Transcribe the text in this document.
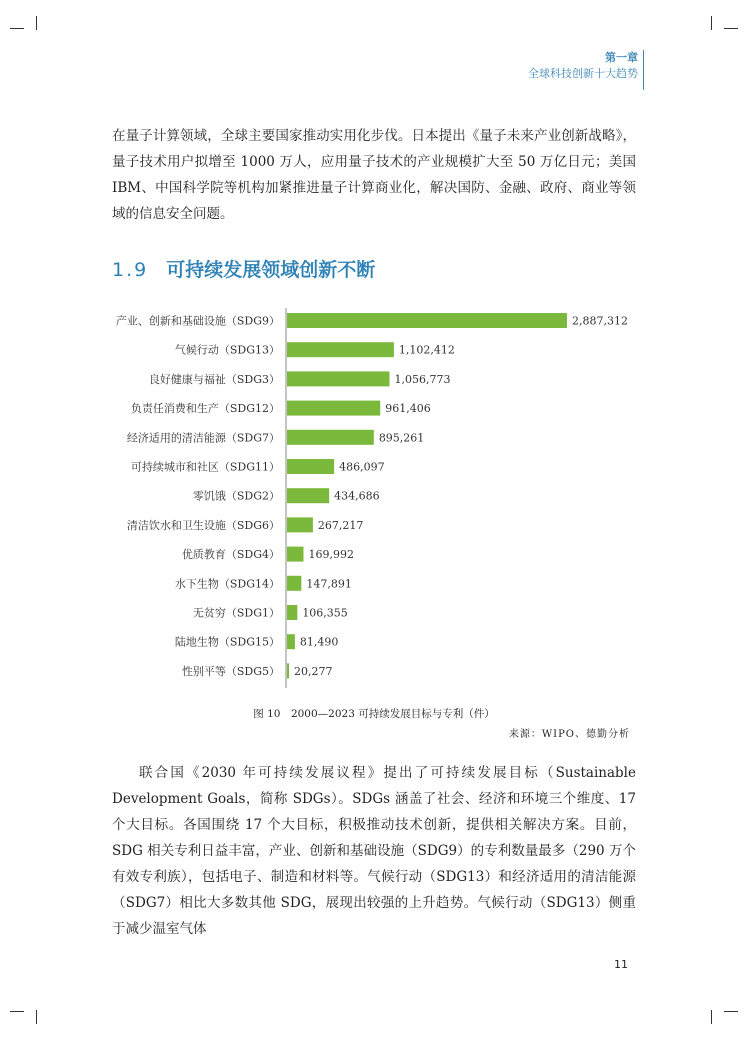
第一章
全球科技创新十大趋势

在量子计算领域，全球主要国家推动实用化步伐。日本提出《量子未来产业创新战略》，量子技术用户拟增至 1000 万人，应用量子技术的产业规模扩大至 50 万亿日元；美国 IBM、中国科学院等机构加紧推进量子计算商业化，解决国防、金融、政府、商业等领域的信息安全问题。

1.9 可持续发展领域创新不断
产业、创新和基础设施（SDG9）	2,887,312
气候行动（SDG13）	1,102,412
良好健康与福祉（SDG3）	1,056,773
负责任消费和生产（SDG12）	961,406
经济适用的清洁能源（SDG7）	895,261
可持续城市和社区（SDG11）	486,097
零饥饿（SDG2）	434,686
清洁饮水和卫生设施（SDG6）	267,217
优质教育（SDG4）	169,992
水下生物（SDG14） 147,891
无贫穷（SDG1） 106,355
陆地生物（SDG15） 81,490
性别平等（SDG5） 20,277
图 10　2000—2023 可持续发展目标与专利（件）
来源：WIPO、德勤分析

联合国《2030 年可持续发展议程》提出了可持续发展目标（Sustainable Development Goals，简称 SDGs）。SDGs 涵盖了社会、经济和环境三个维度、17 个大目标。各国围绕 17 个大目标，积极推动技术创新，提供相关解决方案。目前，SDG 相关专利日益丰富，产业、创新和基础设施（SDG9）的专利数量最多（290 万个有效专利族），包括电子、制造和材料等。气候行动（SDG13）和经济适用的清洁能源（SDG7）相比大多数其他 SDG，展现出较强的上升趋势。气候行动（SDG13）侧重于减少温室气体

11
